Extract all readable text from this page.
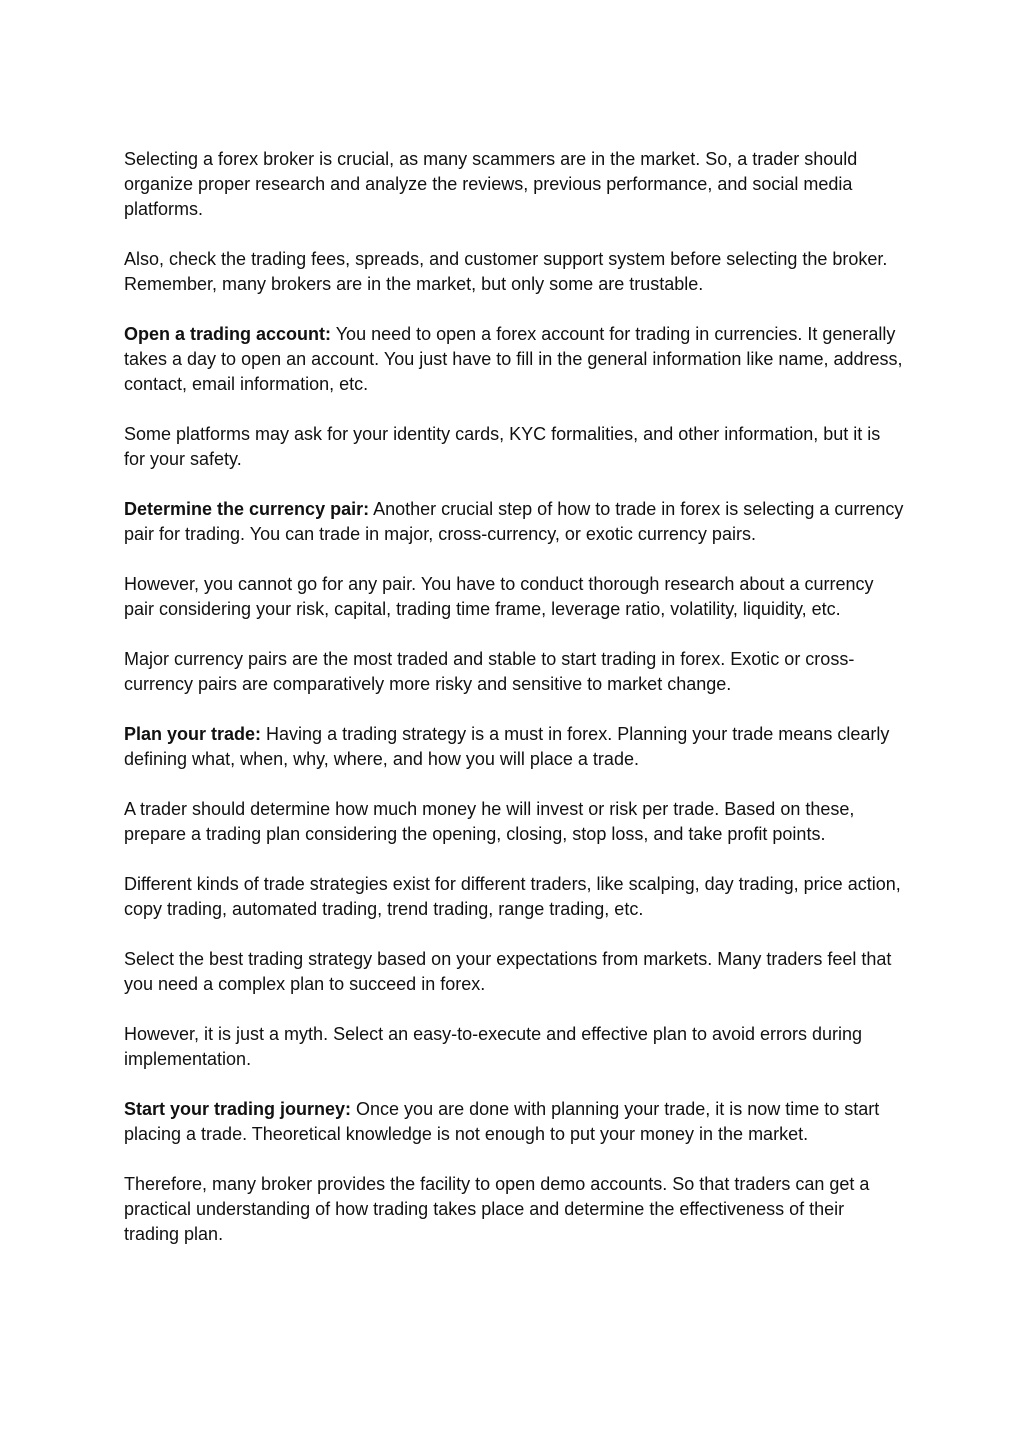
Selecting a forex broker is crucial, as many scammers are in the market. So, a trader should organize proper research and analyze the reviews, previous performance, and social media platforms.

Also, check the trading fees, spreads, and customer support system before selecting the broker. Remember, many brokers are in the market, but only some are trustable.

Open a trading account: You need to open a forex account for trading in currencies. It generally takes a day to open an account. You just have to fill in the general information like name, address, contact, email information, etc.

Some platforms may ask for your identity cards, KYC formalities, and other information, but it is for your safety.

Determine the currency pair: Another crucial step of how to trade in forex is selecting a currency pair for trading. You can trade in major, cross-currency, or exotic currency pairs.

However, you cannot go for any pair. You have to conduct thorough research about a currency pair considering your risk, capital, trading time frame, leverage ratio, volatility, liquidity, etc.

Major currency pairs are the most traded and stable to start trading in forex. Exotic or cross-currency pairs are comparatively more risky and sensitive to market change.

Plan your trade: Having a trading strategy is a must in forex. Planning your trade means clearly defining what, when, why, where, and how you will place a trade.

A trader should determine how much money he will invest or risk per trade. Based on these, prepare a trading plan considering the opening, closing, stop loss, and take profit points.

Different kinds of trade strategies exist for different traders, like scalping, day trading, price action, copy trading, automated trading, trend trading, range trading, etc.

Select the best trading strategy based on your expectations from markets. Many traders feel that you need a complex plan to succeed in forex.

However, it is just a myth. Select an easy-to-execute and effective plan to avoid errors during implementation.

Start your trading journey: Once you are done with planning your trade, it is now time to start placing a trade. Theoretical knowledge is not enough to put your money in the market.

Therefore, many broker provides the facility to open demo accounts. So that traders can get a practical understanding of how trading takes place and determine the effectiveness of their trading plan.
